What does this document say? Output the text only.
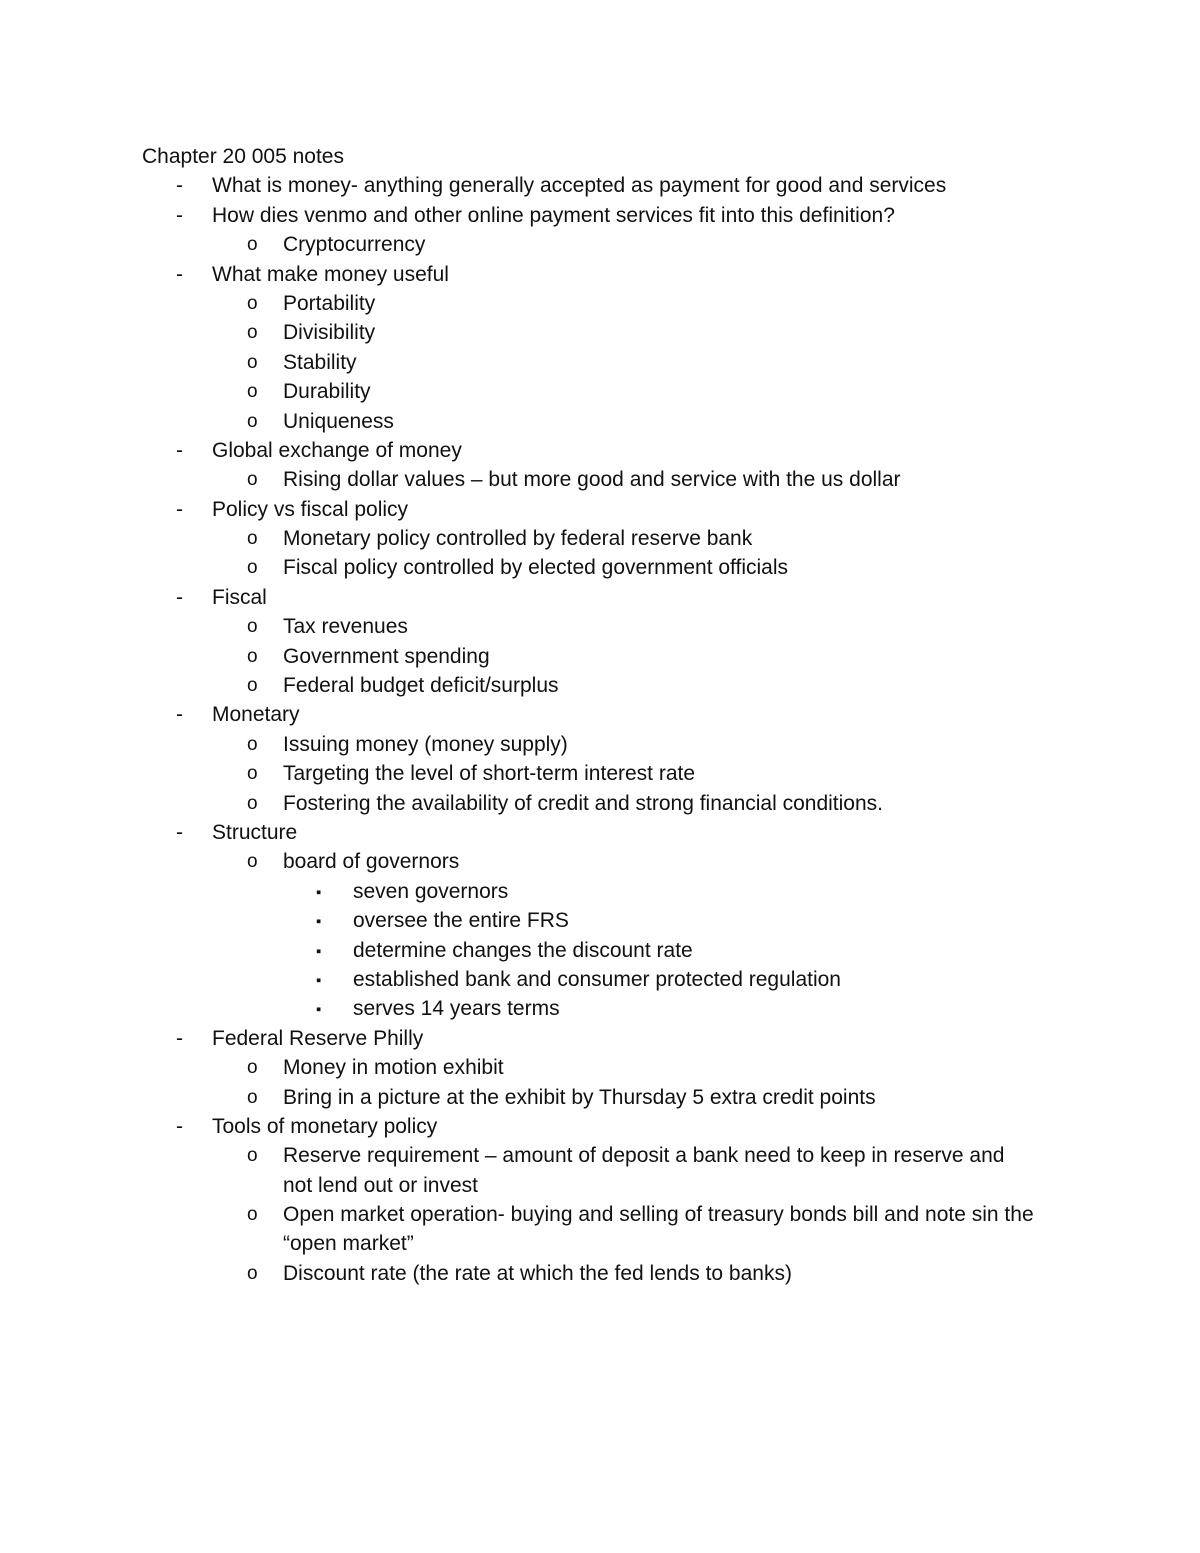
Chapter 20 005 notes
- What is money- anything generally accepted as payment for good and services
- How dies venmo and other online payment services fit into this definition?
o Cryptocurrency
- What make money useful
o Portability
o Divisibility
o Stability
o Durability
o Uniqueness
- Global exchange of money
o Rising dollar values – but more good and service with the us dollar
- Policy vs fiscal policy
o Monetary policy controlled by federal reserve bank
o Fiscal policy controlled by elected government officials
- Fiscal
o Tax revenues
o Government spending
o Federal budget deficit/surplus
- Monetary
o Issuing money (money supply)
o Targeting the level of short-term interest rate
o Fostering the availability of credit and strong financial conditions.
- Structure
o board of governors
▪ seven governors
▪ oversee the entire FRS
▪ determine changes the discount rate
▪ established bank and consumer protected regulation
▪ serves 14 years terms
- Federal Reserve Philly
o Money in motion exhibit
o Bring in a picture at the exhibit by Thursday 5 extra credit points
- Tools of monetary policy
o Reserve requirement – amount of deposit a bank need to keep in reserve and
not lend out or invest
o Open market operation- buying and selling of treasury bonds bill and note sin the
“open market”
o Discount rate (the rate at which the fed lends to banks)
